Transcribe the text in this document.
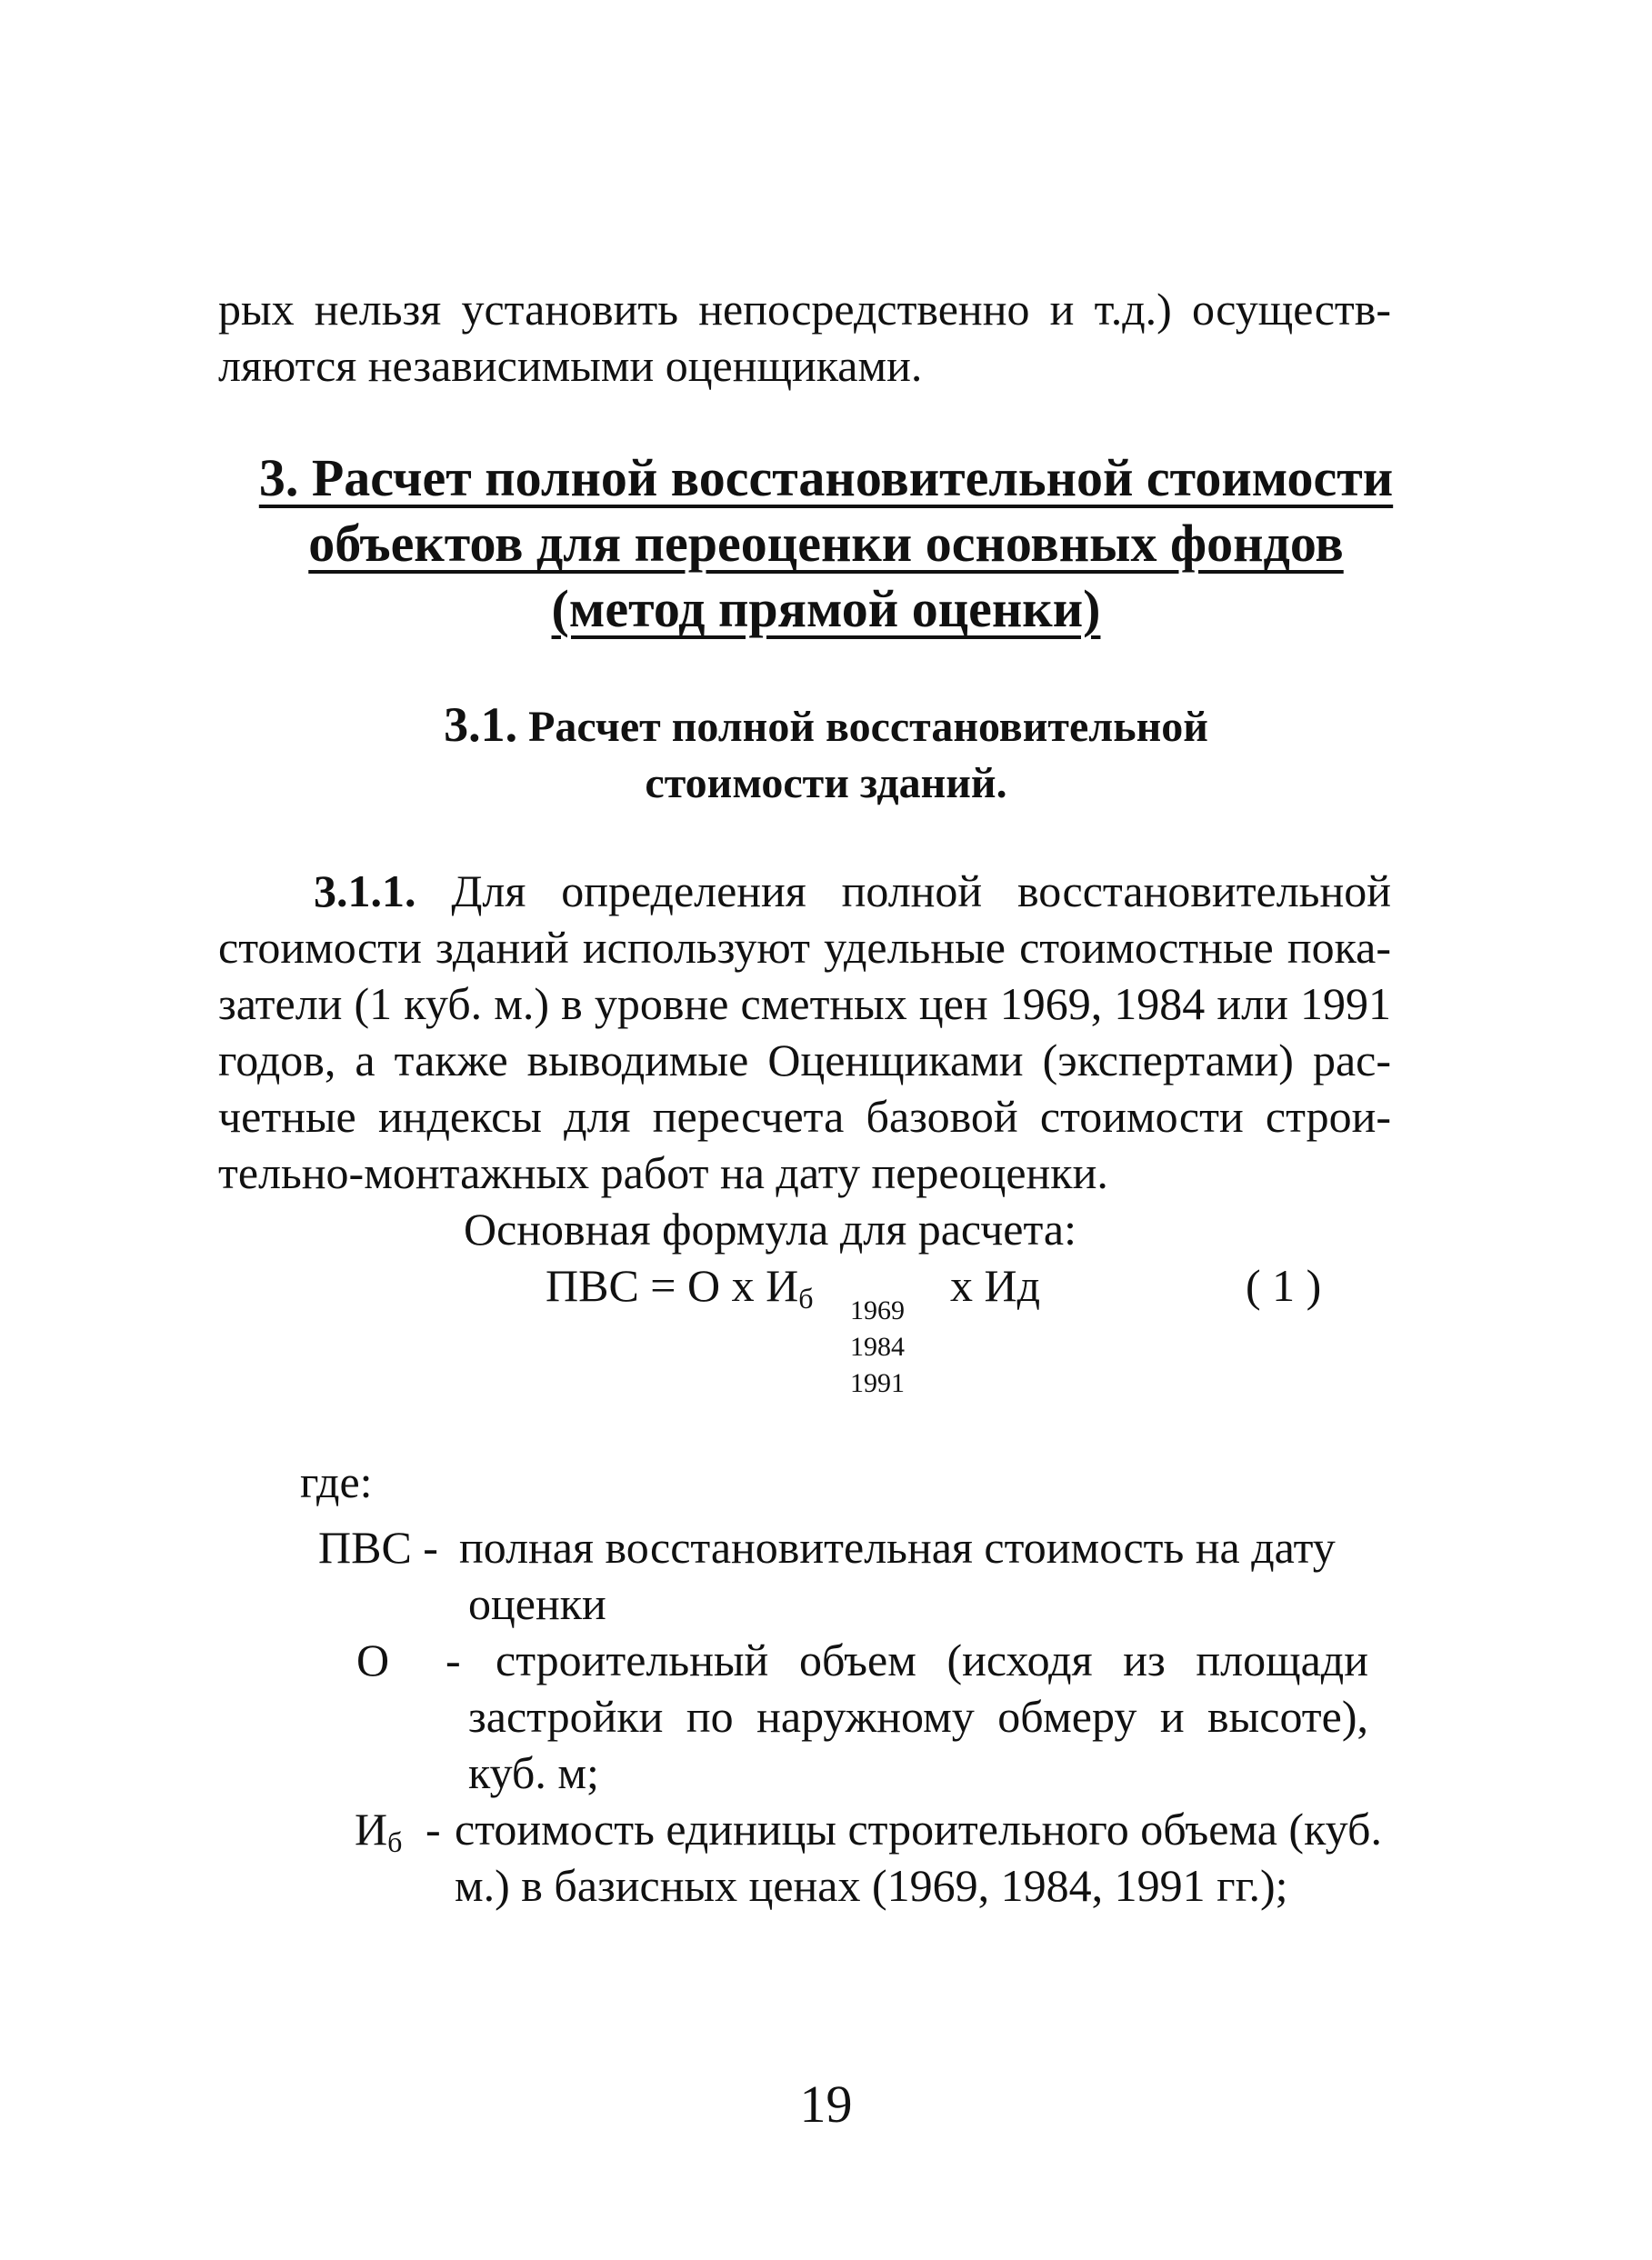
рых нельзя установить непосредственно и т.д.) осуществ-
ляются независимыми оценщиками.
3. Расчет полной восстановительной стоимости
объектов для переоценки основных фондов
(метод прямой оценки)
3.1. Расчет полной восстановительной
стоимости зданий.
3.1.1. Для определения полной восстановительной
стоимости зданий используют удельные стоимостные пока-
затели (1 куб. м.) в уровне сметных цен 1969, 1984 или 1991
годов, а также выводимые Оценщиками (экспертами) рас-
четные индексы для пересчета базовой стоимости строи-
тельно-монтажных работ на дату переоценки.
Основная формула для расчета:
ПВС = О х $И_б$	х Ид	( 1 )
1969
1984
1991
где:
ПВС - полная восстановительная стоимость на дату
оценки
О - строительный объем (исходя из площади
застройки по наружному обмеру и высоте),
куб. м;
$И_б$ - стоимость единицы строительного объема (куб.
м.) в базисных ценах (1969, 1984, 1991 гг.);
19
